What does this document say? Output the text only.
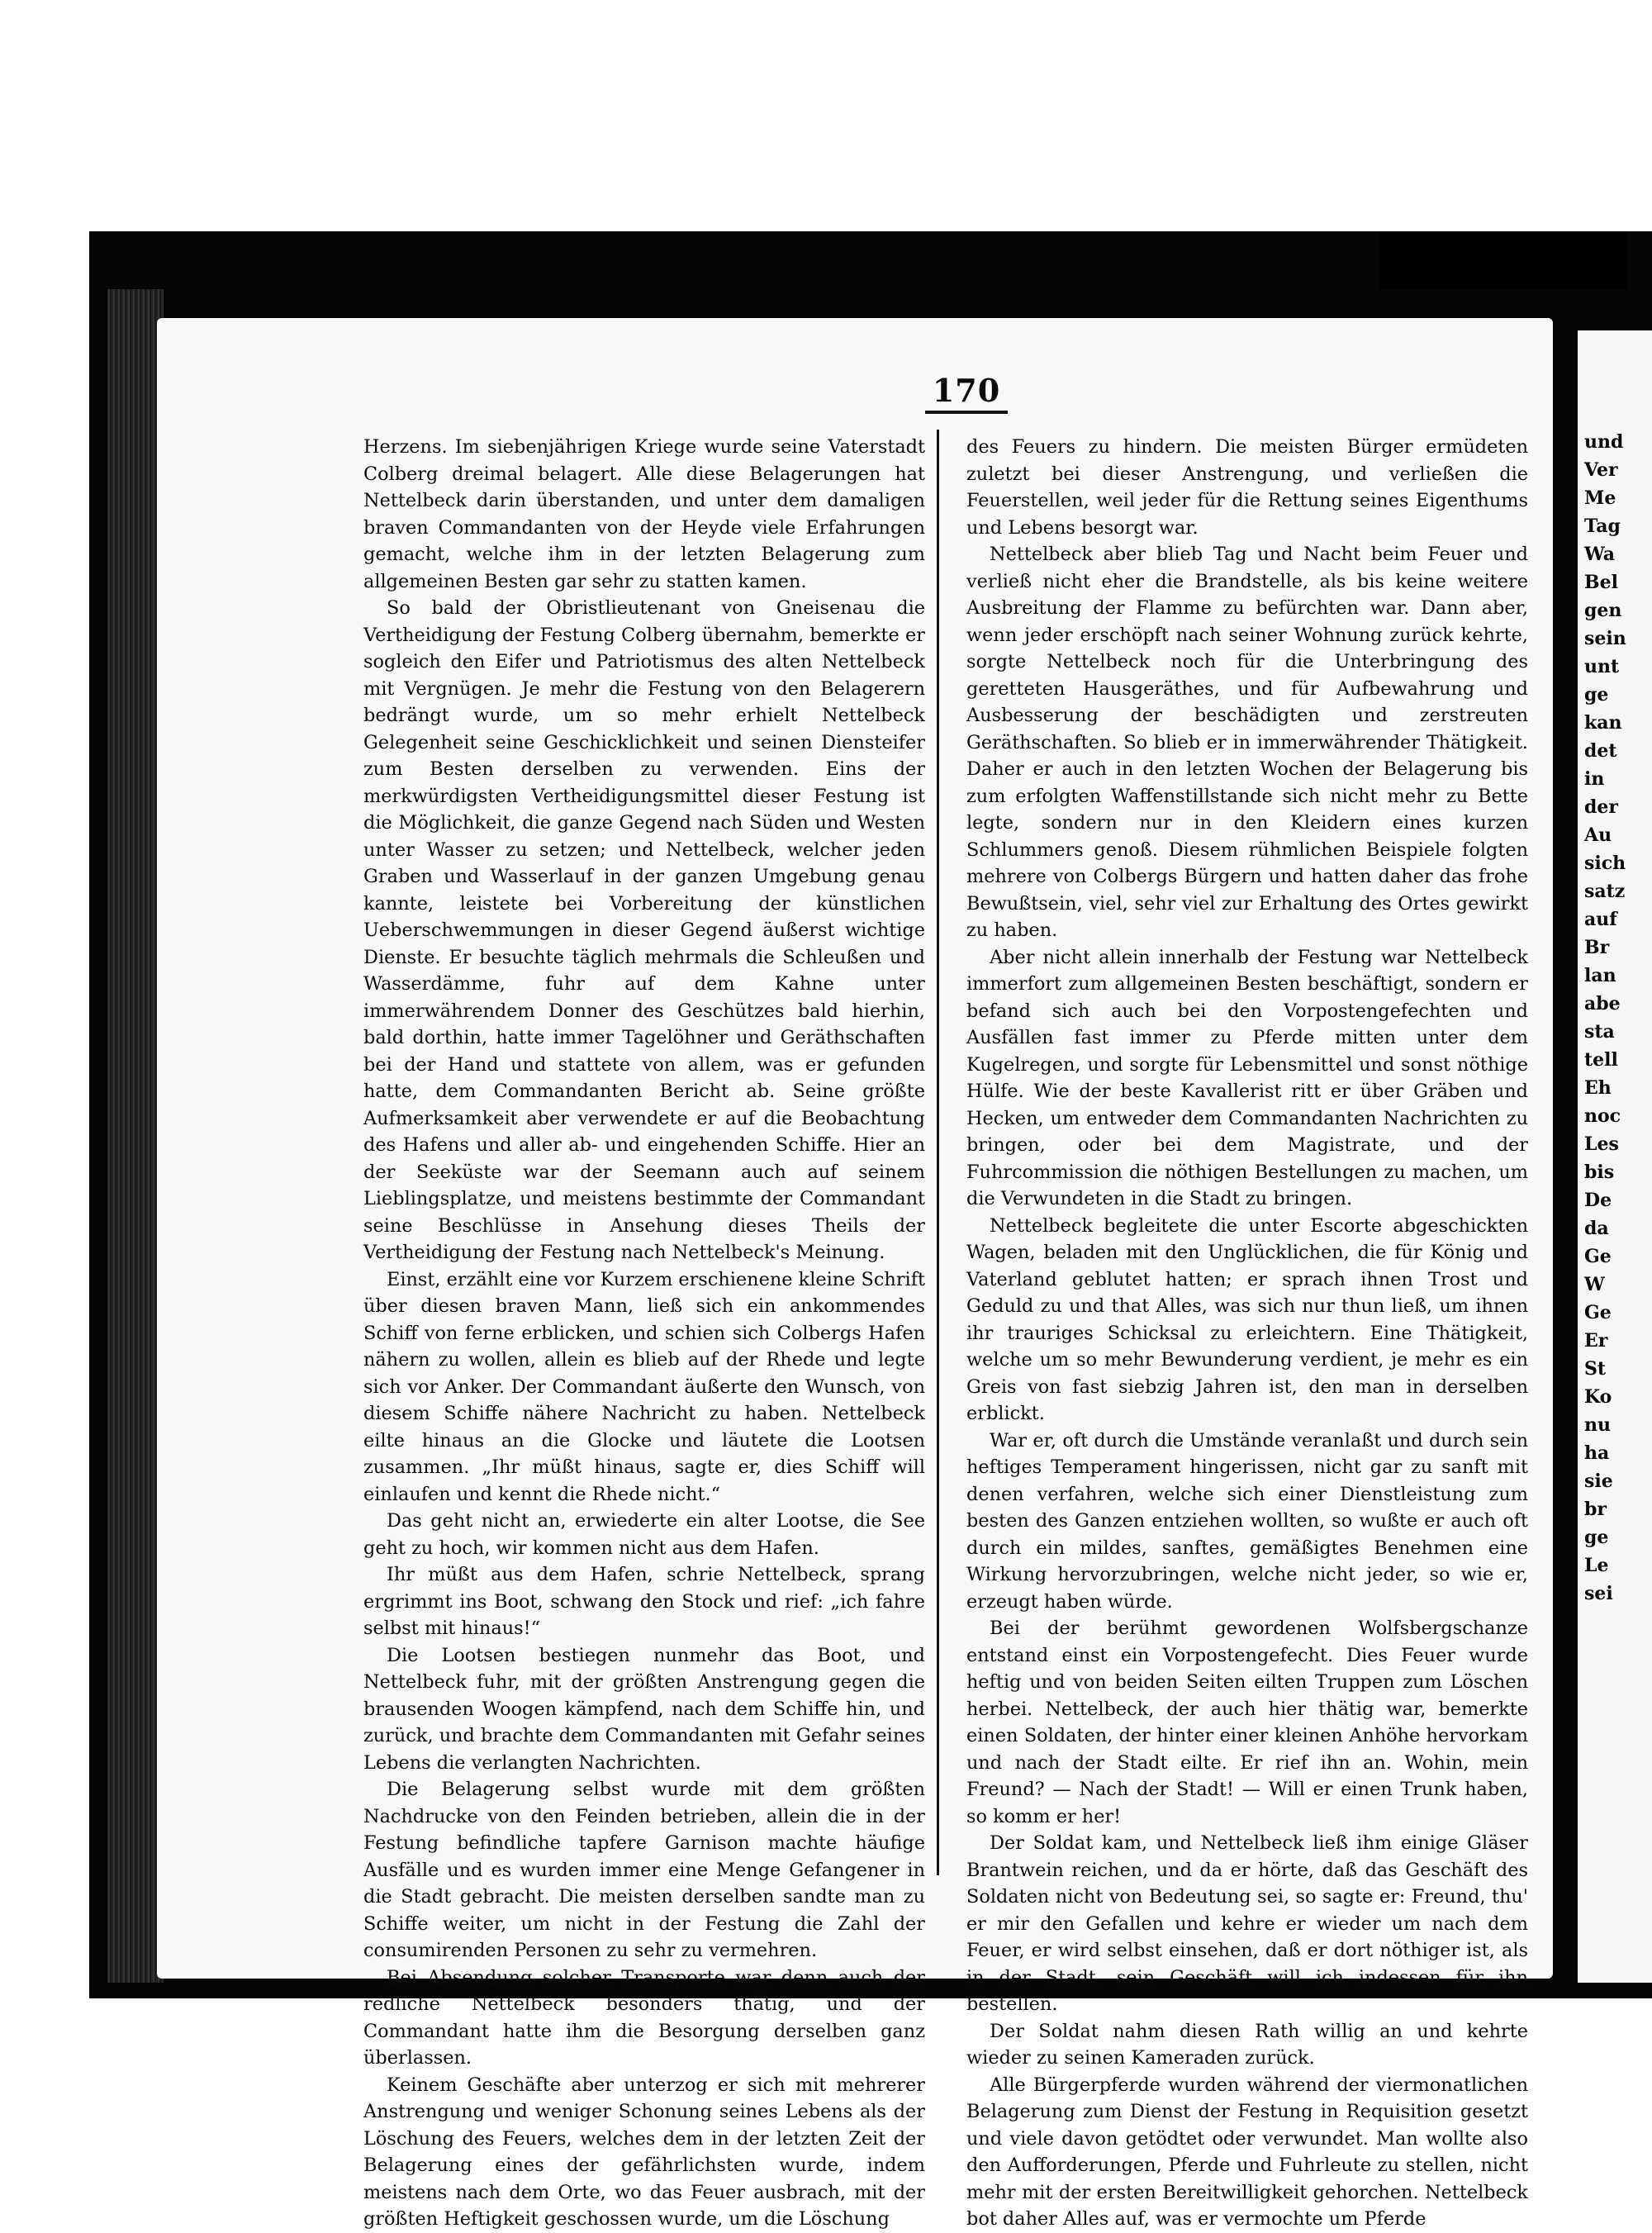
170

Herzens. Im siebenjährigen Kriege wurde seine Vaterstadt Colberg dreimal belagert. Alle diese Belagerungen hat Nettelbeck darin überstanden, und unter dem damaligen braven Commandanten von der Heyde viele Erfahrungen gemacht, welche ihm in der letzten Belagerung zum allgemeinen Besten gar sehr zu statten kamen.

So bald der Obristlieutenant von Gneisenau die Vertheidigung der Festung Colberg übernahm, bemerkte er sogleich den Eifer und Patriotismus des alten Nettelbeck mit Vergnügen. Je mehr die Festung von den Belagerern bedrängt wurde, um so mehr erhielt Nettelbeck Gelegenheit seine Geschicklichkeit und seinen Diensteifer zum Besten derselben zu verwenden. Eins der merkwürdigsten Vertheidigungsmittel dieser Festung ist die Möglichkeit, die ganze Gegend nach Süden und Westen unter Wasser zu setzen; und Nettelbeck, welcher jeden Graben und Wasserlauf in der ganzen Umgebung genau kannte, leistete bei Vorbereitung der künstlichen Ueberschwemmungen in dieser Gegend äußerst wichtige Dienste. Er besuchte täglich mehrmals die Schleußen und Wasserdämme, fuhr auf dem Kahne unter immerwährendem Donner des Geschützes bald hierhin, bald dorthin, hatte immer Tagelöhner und Geräthschaften bei der Hand und stattete von allem, was er gefunden hatte, dem Commandanten Bericht ab. Seine größte Aufmerksamkeit aber verwendete er auf die Beobachtung des Hafens und aller ab- und eingehenden Schiffe. Hier an der Seeküste war der Seemann auch auf seinem Lieblingsplatze, und meistens bestimmte der Commandant seine Beschlüsse in Ansehung dieses Theils der Vertheidigung der Festung nach Nettelbeck's Meinung.

Einst, erzählt eine vor Kurzem erschienene kleine Schrift über diesen braven Mann, ließ sich ein ankommendes Schiff von ferne erblicken, und schien sich Colbergs Hafen nähern zu wollen, allein es blieb auf der Rhede und legte sich vor Anker. Der Commandant äußerte den Wunsch, von diesem Schiffe nähere Nachricht zu haben. Nettelbeck eilte hinaus an die Glocke und läutete die Lootsen zusammen. „Ihr müßt hinaus, sagte er, dies Schiff will einlaufen und kennt die Rhede nicht.“

Das geht nicht an, erwiederte ein alter Lootse, die See geht zu hoch, wir kommen nicht aus dem Hafen.

Ihr müßt aus dem Hafen, schrie Nettelbeck, sprang ergrimmt ins Boot, schwang den Stock und rief: „ich fahre selbst mit hinaus!“

Die Lootsen bestiegen nunmehr das Boot, und Nettelbeck fuhr, mit der größten Anstrengung gegen die brausenden Woogen kämpfend, nach dem Schiffe hin, und zurück, und brachte dem Commandanten mit Gefahr seines Lebens die verlangten Nachrichten.

Die Belagerung selbst wurde mit dem größten Nachdrucke von den Feinden betrieben, allein die in der Festung befindliche tapfere Garnison machte häufige Ausfälle und es wurden immer eine Menge Gefangener in die Stadt gebracht. Die meisten derselben sandte man zu Schiffe weiter, um nicht in der Festung die Zahl der consumirenden Personen zu sehr zu vermehren.

Bei Absendung solcher Transporte war denn auch der redliche Nettelbeck besonders thätig, und der Commandant hatte ihm die Besorgung derselben ganz überlassen.

Keinem Geschäfte aber unterzog er sich mit mehrerer Anstrengung und weniger Schonung seines Lebens als der Löschung des Feuers, welches dem in der letzten Zeit der Belagerung eines der gefährlichsten wurde, indem meistens nach dem Orte, wo das Feuer ausbrach, mit der größten Heftigkeit geschossen wurde, um die Löschung

des Feuers zu hindern. Die meisten Bürger ermüdeten zuletzt bei dieser Anstrengung, und verließen die Feuerstellen, weil jeder für die Rettung seines Eigenthums und Lebens besorgt war.

Nettelbeck aber blieb Tag und Nacht beim Feuer und verließ nicht eher die Brandstelle, als bis keine weitere Ausbreitung der Flamme zu befürchten war. Dann aber, wenn jeder erschöpft nach seiner Wohnung zurück kehrte, sorgte Nettelbeck noch für die Unterbringung des geretteten Hausgeräthes, und für Aufbewahrung und Ausbesserung der beschädigten und zerstreuten Geräthschaften. So blieb er in immerwährender Thätigkeit. Daher er auch in den letzten Wochen der Belagerung bis zum erfolgten Waffenstillstande sich nicht mehr zu Bette legte, sondern nur in den Kleidern eines kurzen Schlummers genoß. Diesem rühmlichen Beispiele folgten mehrere von Colbergs Bürgern und hatten daher das frohe Bewußtsein, viel, sehr viel zur Erhaltung des Ortes gewirkt zu haben.

Aber nicht allein innerhalb der Festung war Nettelbeck immerfort zum allgemeinen Besten beschäftigt, sondern er befand sich auch bei den Vorpostengefechten und Ausfällen fast immer zu Pferde mitten unter dem Kugelregen, und sorgte für Lebensmittel und sonst nöthige Hülfe. Wie der beste Kavallerist ritt er über Gräben und Hecken, um entweder dem Commandanten Nachrichten zu bringen, oder bei dem Magistrate, und der Fuhrcommission die nöthigen Bestellungen zu machen, um die Verwundeten in die Stadt zu bringen.

Nettelbeck begleitete die unter Escorte abgeschickten Wagen, beladen mit den Unglücklichen, die für König und Vaterland geblutet hatten; er sprach ihnen Trost und Geduld zu und that Alles, was sich nur thun ließ, um ihnen ihr trauriges Schicksal zu erleichtern. Eine Thätigkeit, welche um so mehr Bewunderung verdient, je mehr es ein Greis von fast siebzig Jahren ist, den man in derselben erblickt.

War er, oft durch die Umstände veranlaßt und durch sein heftiges Temperament hingerissen, nicht gar zu sanft mit denen verfahren, welche sich einer Dienstleistung zum besten des Ganzen entziehen wollten, so wußte er auch oft durch ein mildes, sanftes, gemäßigtes Benehmen eine Wirkung hervorzubringen, welche nicht jeder, so wie er, erzeugt haben würde.

Bei der berühmt gewordenen Wolfsbergschanze entstand einst ein Vorpostengefecht. Dies Feuer wurde heftig und von beiden Seiten eilten Truppen zum Löschen herbei. Nettelbeck, der auch hier thätig war, bemerkte einen Soldaten, der hinter einer kleinen Anhöhe hervorkam und nach der Stadt eilte. Er rief ihn an. Wohin, mein Freund? — Nach der Stadt! — Will er einen Trunk haben, so komm er her!

Der Soldat kam, und Nettelbeck ließ ihm einige Gläser Brantwein reichen, und da er hörte, daß das Geschäft des Soldaten nicht von Bedeutung sei, so sagte er: Freund, thu' er mir den Gefallen und kehre er wieder um nach dem Feuer, er wird selbst einsehen, daß er dort nöthiger ist, als in der Stadt, sein Geschäft will ich indessen für ihn bestellen.

Der Soldat nahm diesen Rath willig an und kehrte wieder zu seinen Kameraden zurück.

Alle Bürgerpferde wurden während der viermonatlichen Belagerung zum Dienst der Festung in Requisition gesetzt und viele davon getödtet oder verwundet. Man wollte also den Aufforderungen, Pferde und Fuhrleute zu stellen, nicht mehr mit der ersten Bereitwilligkeit gehorchen. Nettelbeck bot daher Alles auf, was er vermochte um Pferde

und
Ver
Me
Tag
Wa
Bel
gen
sein
unt
ge
kan
det
in
der
Au
sich
satz
auf
Br
lan
abe
sta
tell
Eh
noc
Les
bis
De
da
Ge
W
Ge
Er
St
Ko
nu
ha
sie
br
ge
Le
sei
